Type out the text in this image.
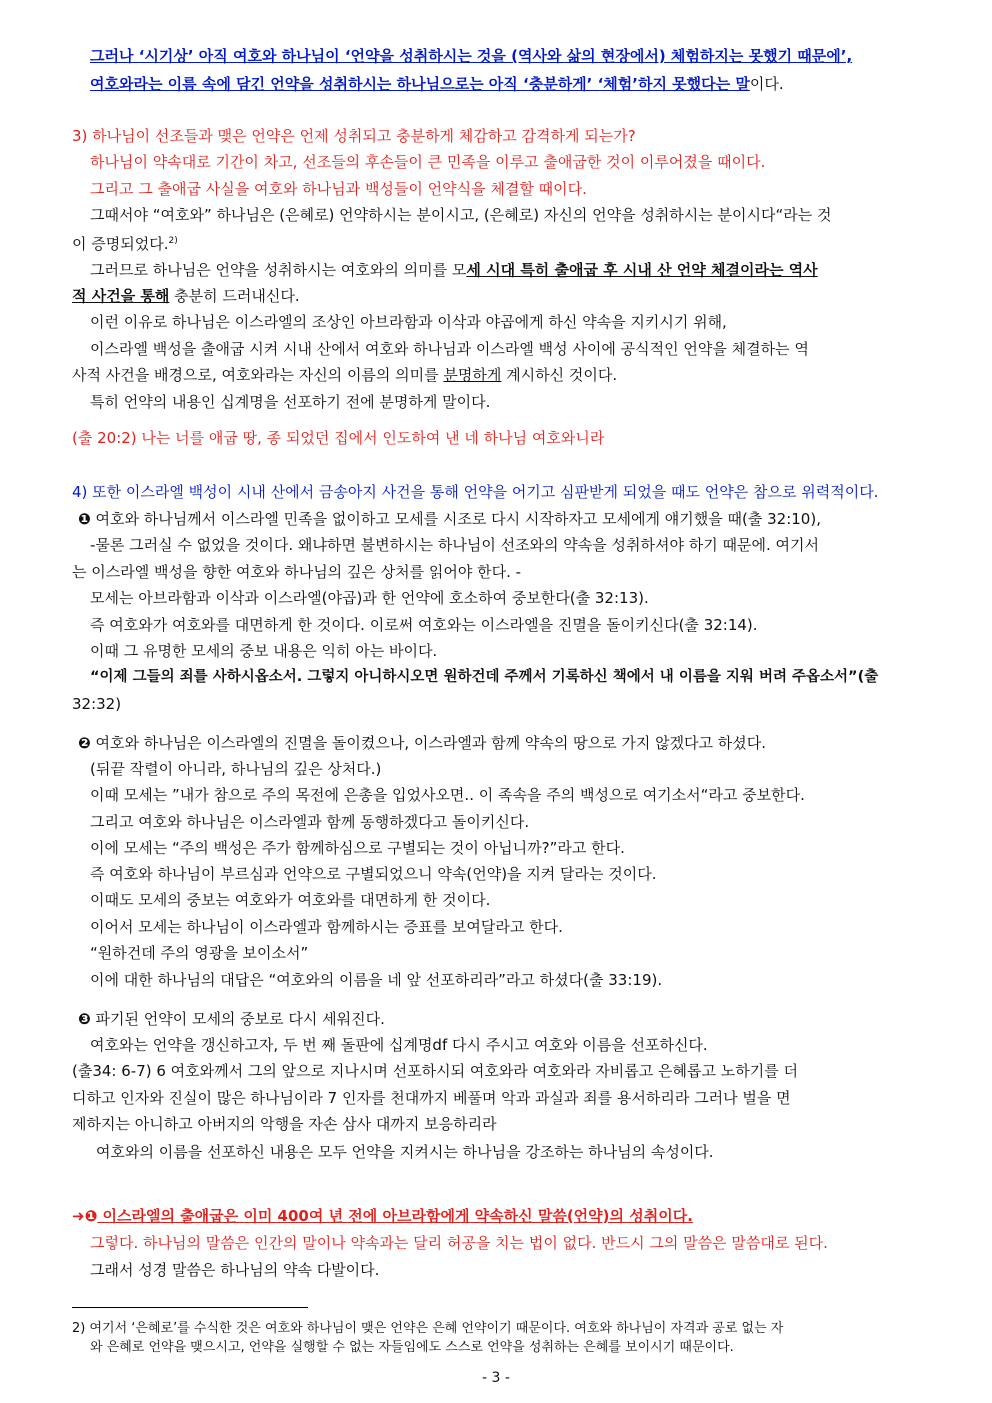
그러나 ‘시기상’ 아직 여호와 하나님이 ‘언약을 성취하시는 것을 (역사와 삶의 현장에서) 체험하지는 못했기 때문에’,
여호와라는 이름 속에 담긴 언약을 성취하시는 하나님으로는 아직 ‘충분하게’ ‘체험’하지 못했다는 말이다.
3) 하나님이 선조들과 맺은 언약은 언제 성취되고 충분하게 체감하고 감격하게 되는가?
하나님이 약속대로 기간이 차고, 선조들의 후손들이 큰 민족을 이루고 출애굽한 것이 이루어졌을 때이다.
그리고 그 출애굽 사실을 여호와 하나님과 백성들이 언약식을 체결할 때이다.
그때서야 “여호와” 하나님은 (은혜로) 언약하시는 분이시고, (은혜로) 자신의 언약을 성취하시는 분이시다“라는 것
이 증명되었다.$^{2)}$
그러므로 하나님은 언약을 성취하시는 여호와의 의미를 모세 시대 특히 출애굽 후 시내 산 언약 체결이라는 역사
적 사건을 통해 충분히 드러내신다.
이런 이유로 하나님은 이스라엘의 조상인 아브라함과 이삭과 야곱에게 하신 약속을 지키시기 위해,
이스라엘 백성을 출애굽 시켜 시내 산에서 여호와 하나님과 이스라엘 백성 사이에 공식적인 언약을 체결하는 역
사적 사건을 배경으로, 여호와라는 자신의 이름의 의미를 분명하게 계시하신 것이다.
특히 언약의 내용인 십계명을 선포하기 전에 분명하게 말이다.
(출 20:2) 나는 너를 애굽 땅, 종 되었던 집에서 인도하여 낸 네 하나님 여호와니라
4) 또한 이스라엘 백성이 시내 산에서 금송아지 사건을 통해 언약을 어기고 심판받게 되었을 때도 언약은 참으로 위력적이다.
❶ 여호와 하나님께서 이스라엘 민족을 없이하고 모세를 시조로 다시 시작하자고 모세에게 얘기했을 때(출 32:10),
-물론 그러실 수 없었을 것이다. 왜냐하면 불변하시는 하나님이 선조와의 약속을 성취하셔야 하기 때문에. 여기서
는 이스라엘 백성을 향한 여호와 하나님의 깊은 상처를 읽어야 한다. -
모세는 아브라함과 이삭과 이스라엘(야곱)과 한 언약에 호소하여 중보한다(출 32:13).
즉 여호와가 여호와를 대면하게 한 것이다. 이로써 여호와는 이스라엘을 진멸을 돌이키신다(출 32:14).
이때 그 유명한 모세의 중보 내용은 익히 아는 바이다.
“이제 그들의 죄를 사하시옵소서. 그렇지 아니하시오면 원하건데 주께서 기록하신 책에서 내 이름을 지워 버려 주옵소서”(출
32:32)
❷ 여호와 하나님은 이스라엘의 진멸을 돌이켰으나, 이스라엘과 함께 약속의 땅으로 가지 않겠다고 하셨다.
(뒤끝 작렬이 아니라, 하나님의 깊은 상처다.)
이때 모세는 ”내가 참으로 주의 목전에 은총을 입었사오면.. 이 족속을 주의 백성으로 여기소서“라고 중보한다.
그리고 여호와 하나님은 이스라엘과 함께 동행하겠다고 돌이키신다.
이에 모세는 “주의 백성은 주가 함께하심으로 구별되는 것이 아닙니까?”라고 한다.
즉 여호와 하나님이 부르심과 언약으로 구별되었으니 약속(언약)을 지켜 달라는 것이다.
이때도 모세의 중보는 여호와가 여호와를 대면하게 한 것이다.
이어서 모세는 하나님이 이스라엘과 함께하시는 증표를 보여달라고 한다.
“원하건데 주의 영광을 보이소서”
이에 대한 하나님의 대답은 “여호와의 이름을 네 앞 선포하리라”라고 하셨다(출 33:19).
❸ 파기된 언약이 모세의 중보로 다시 세워진다.
여호와는 언약을 갱신하고자, 두 번 째 돌판에 십계명df 다시 주시고 여호와 이름을 선포하신다.
(출34: 6-7) 6 여호와께서 그의 앞으로 지나시며 선포하시되 여호와라 여호와라 자비롭고 은혜롭고 노하기를 더
디하고 인자와 진실이 많은 하나님이라 7 인자를 천대까지 베풀며 악과 과실과 죄를 용서하리라 그러나 벌을 면
제하지는 아니하고 아버지의 악행을 자손 삼사 대까지 보응하리라
여호와의 이름을 선포하신 내용은 모두 언약을 지켜시는 하나님을 강조하는 하나님의 속성이다.
➜❶ 이스라엘의 출애굽은 이미 400여 년 전에 아브라함에게 약속하신 말씀(언약)의 성취이다.
그렇다. 하나님의 말씀은 인간의 말이나 약속과는 달리 허공을 치는 법이 없다. 반드시 그의 말씀은 말씀대로 된다.
그래서 성경 말씀은 하나님의 약속 다발이다.
2) 여기서 ‘은혜로’를 수식한 것은 여호와 하나님이 맺은 언약은 은혜 언약이기 때문이다. 여호와 하나님이 자격과 공로 없는 자
와 은혜로 언약을 맺으시고, 언약을 실행할 수 없는 자들임에도 스스로 언약을 성취하는 은혜를 보이시기 때문이다.
- 3 -
